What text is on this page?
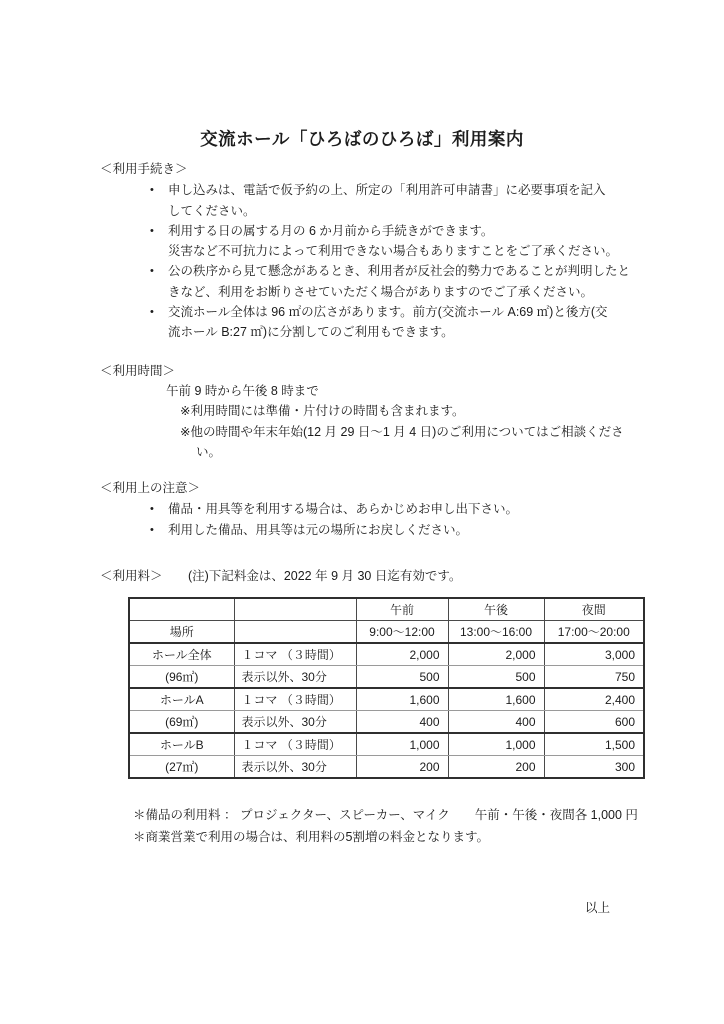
交流ホール「ひろばのひろば」利用案内
＜利用手続き＞
• 申し込みは、電話で仮予約の上、所定の「利用許可申請書」に必要事項を記入
してください。
• 利用する日の属する月の 6 か月前から手続きができます。
災害など不可抗力によって利用できない場合もありますことをご了承ください。
• 公の秩序から見て懸念があるとき、利用者が反社会的勢力であることが判明したと
きなど、利用をお断りさせていただく場合がありますのでご了承ください。
• 交流ホール全体は 96 ㎡の広さがあります。前方(交流ホール A:69 ㎡)と後方(交
流ホール B:27 ㎡)に分割してのご利用もできます。
＜利用時間＞
午前 9 時から午後 8 時まで
※利用時間には準備・片付けの時間も含まれます。
※他の時間や年末年始(12 月 29 日～1 月 4 日)のご利用についてはご相談くださ
い。
＜利用上の注意＞
• 備品・用具等を利用する場合は、あらかじめお申し出下さい。
• 利用した備品、用具等は元の場所にお戻しください。
＜利用料＞ (注)下記料金は、2022 年 9 月 30 日迄有効です。
		午前	午後	夜間
場所		9:00～12:00	13:00～16:00	17:00～20:00
ホール全体	１コマ （３時間）	2,000	2,000	3,000
(96㎡)	表示以外、30分	500	500	750
ホールA	１コマ （３時間）	1,600	1,600	2,400
(69㎡)	表示以外、30分	400	400	600
ホールB	１コマ （３時間）	1,000	1,000	1,500
(27㎡)	表示以外、30分	200	200	300
＊備品の利用料 ： プロジェクター、スピーカー、マイク　　午前・午後・夜間各 1,000 円
＊商業営業で利用の場合は、利用料の5割増の料金となります。
以上
